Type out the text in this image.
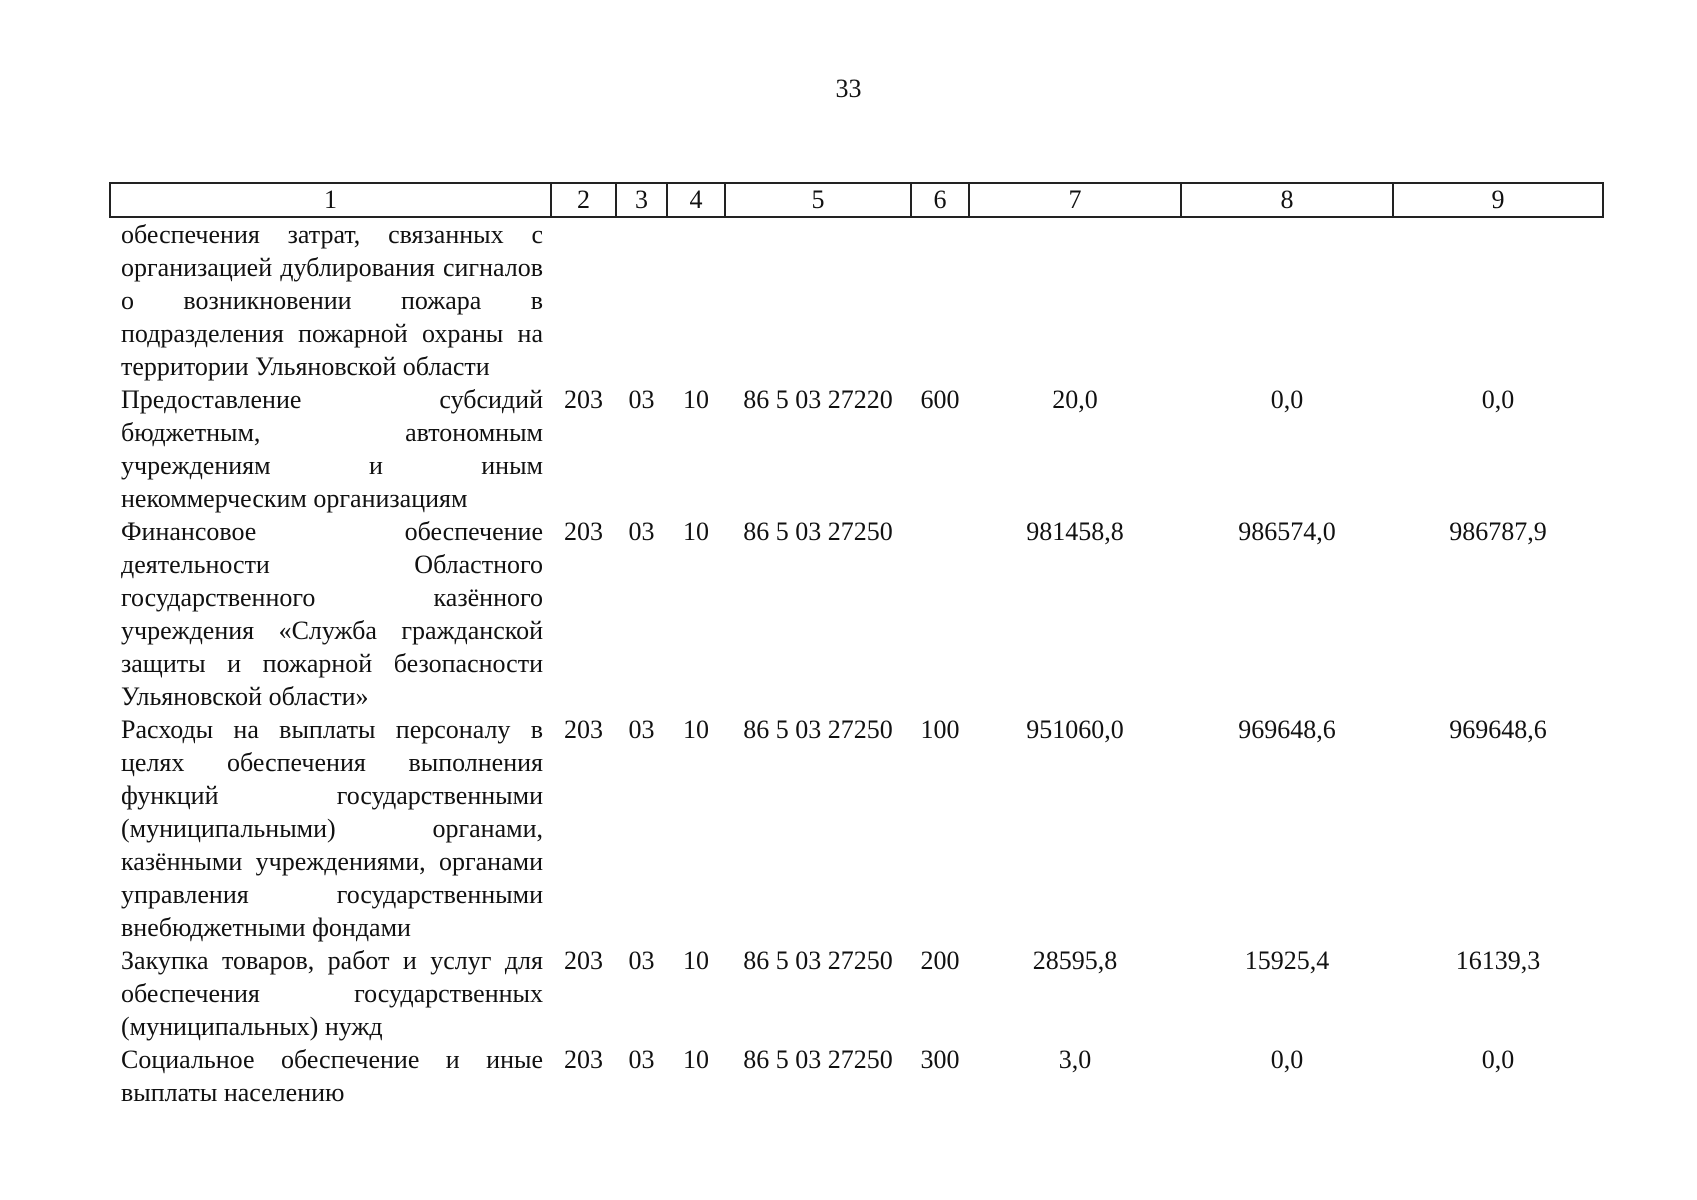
33
1	2	3	4	5	6	7	8	9
обеспечения затрат, связанных с организацией дублирования сигналов о возникновении пожара в подразделения пожарной охраны на территории Ульяновской области								
Предоставление субсидий бюджетным, автономным учреждениям и иным некоммерческим организациям	203	03	10	86 5 03 27220	600	20,0	0,0	0,0
Финансовое обеспечение деятельности Областного государственного казённого учреждения «Служба гражданской защиты и пожарной безопасности Ульяновской области»	203	03	10	86 5 03 27250		981458,8	986574,0	986787,9
Расходы на выплаты персоналу в целях обеспечения выполнения функций государственными (муниципальными) органами, казёнными учреждениями, органами управления государственными внебюджетными фондами	203	03	10	86 5 03 27250	100	951060,0	969648,6	969648,6
Закупка товаров, работ и услуг для обеспечения государственных (муниципальных) нужд	203	03	10	86 5 03 27250	200	28595,8	15925,4	16139,3
Социальное обеспечение и иные выплаты населению	203	03	10	86 5 03 27250	300	3,0	0,0	0,0
